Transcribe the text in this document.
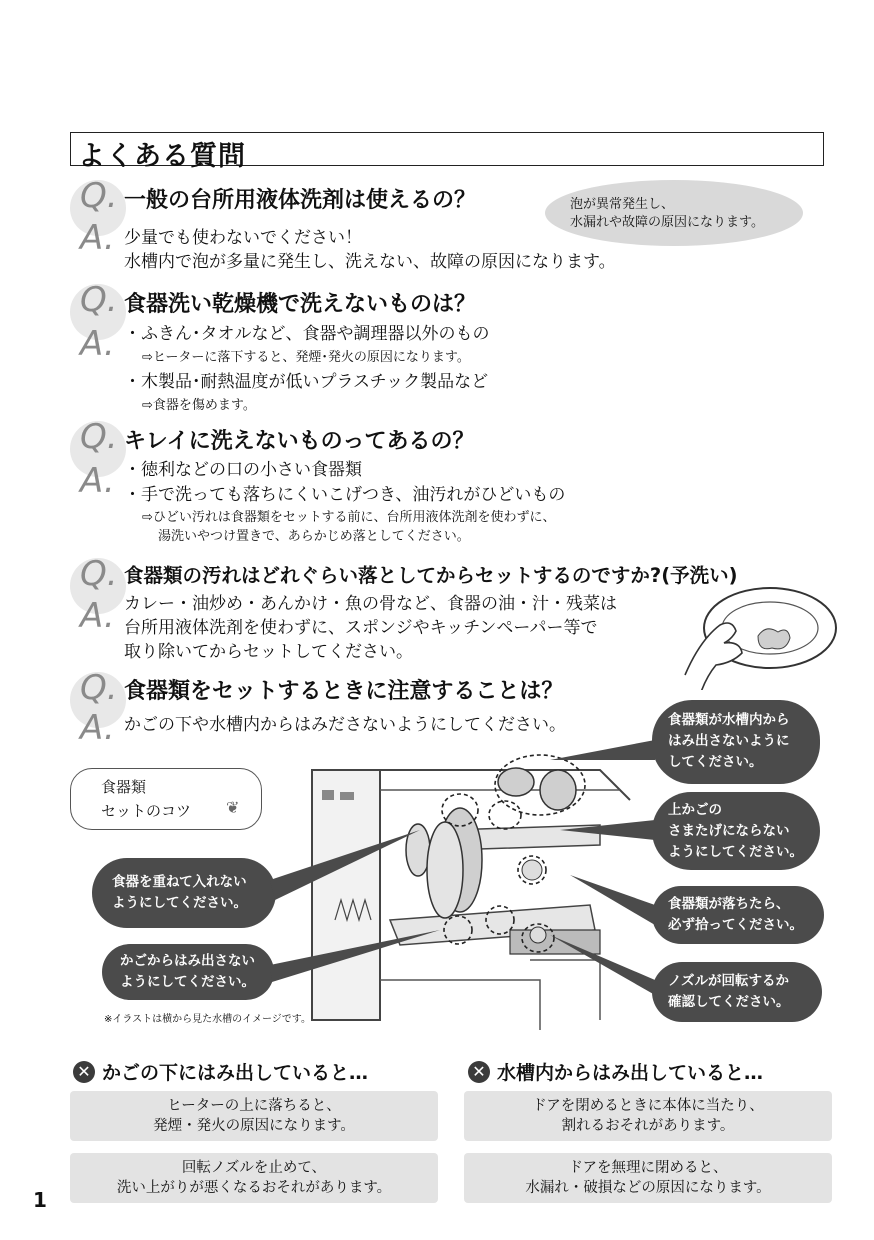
よくある質問
Q.
A.
一般の台所用液体洗剤は使えるの？
少量でも使わないでください！
水槽内で泡が多量に発生し、洗えない、故障の原因になります。
泡が異常発生し、
水漏れや故障の原因になります。
Q.
A.
食器洗い乾燥機で洗えないものは？
・ふきん･タオルなど、食器や調理器以外のもの
⇨ヒーターに落下すると、発煙･発火の原因になります。
・木製品･耐熱温度が低いプラスチック製品など
⇨食器を傷めます。
Q.
A.
キレイに洗えないものってあるの？
・徳利などの口の小さい食器類
・手で洗っても落ちにくいこげつき、油汚れがひどいもの
⇨ひどい汚れは食器類をセットする前に、台所用液体洗剤を使わずに、
湯洗いやつけ置きで、あらかじめ落としてください。
Q.
A.
食器類の汚れはどれぐらい落としてからセットするのですか?(予洗い)
カレー・油炒め・あんかけ・魚の骨など、食器の油・汁・残菜は
台所用液体洗剤を使わずに、スポンジやキッチンペーパー等で
取り除いてからセットしてください。
Q.
A.
食器類をセットするときに注意することは？
かごの下や水槽内からはみださないようにしてください。
食器類
セットのコツ	❦
食器を重ねて入れない
ようにしてください。
かごからはみ出さない
ようにしてください。
食器類が水槽内から
はみ出さないように
してください。
上かごの
さまたげにならない
ようにしてください。
食器類が落ちたら、
必ず拾ってください。
ノズルが回転するか
確認してください。
※イラストは横から見た水槽のイメージです。
✕ かごの下にはみ出していると…
ヒーターの上に落ちると、
発煙・発火の原因になります。
回転ノズルを止めて、
洗い上がりが悪くなるおそれがあります。
✕ 水槽内からはみ出していると…
ドアを閉めるときに本体に当たり、
割れるおそれがあります。
ドアを無理に閉めると、
水漏れ・破損などの原因になります。
1
